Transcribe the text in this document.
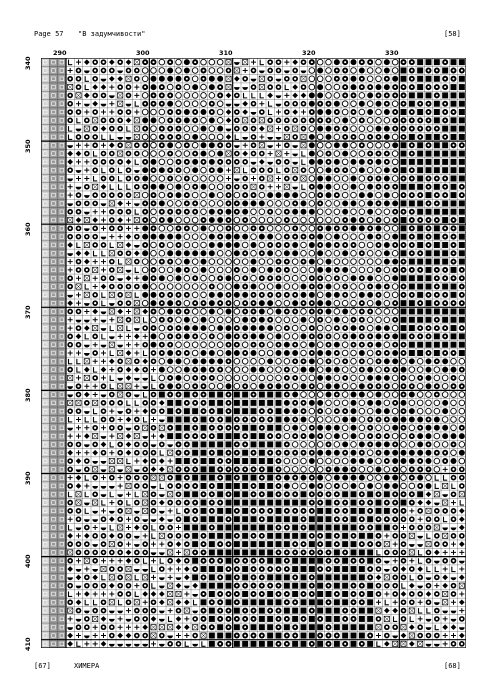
Page 57 "В задумчивости"	[58]
290	300	310	320	330
340
350
360
370
380
390
400
410
[67]	ХИМЕРА	[68]
